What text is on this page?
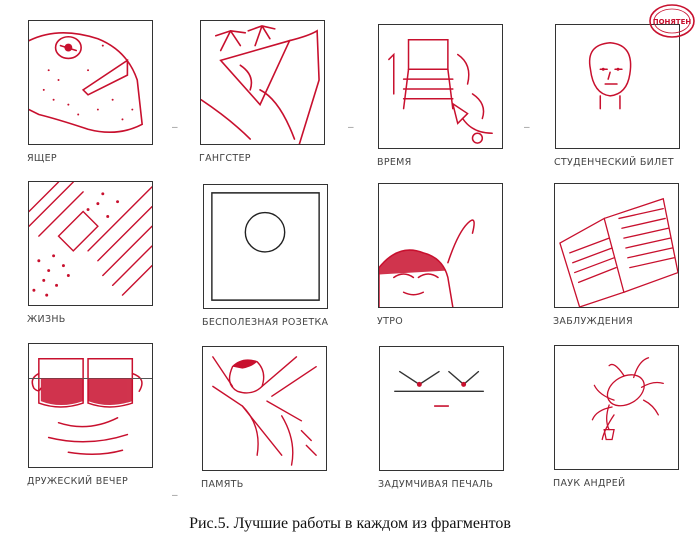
ЯЩЕР	ГАНГСТЕР	ВРЕМЯ	СТУДЕНЧЕСКИЙ БИЛЕТ
ЖИЗНЬ	БЕСПОЛЕЗНАЯ РОЗЕТКА	УТРО	ЗАБЛУЖДЕНИЯ
ДРУЖЕСКИЙ ВЕЧЕР	ПАМЯТЬ	ЗАДУМЧИВАЯ ПЕЧАЛЬ	ПАУК АНДРЕЙ
–	–	–
–
ПОНЯТЕН
Рис.5. Лучшие работы в каждом из фрагментов
